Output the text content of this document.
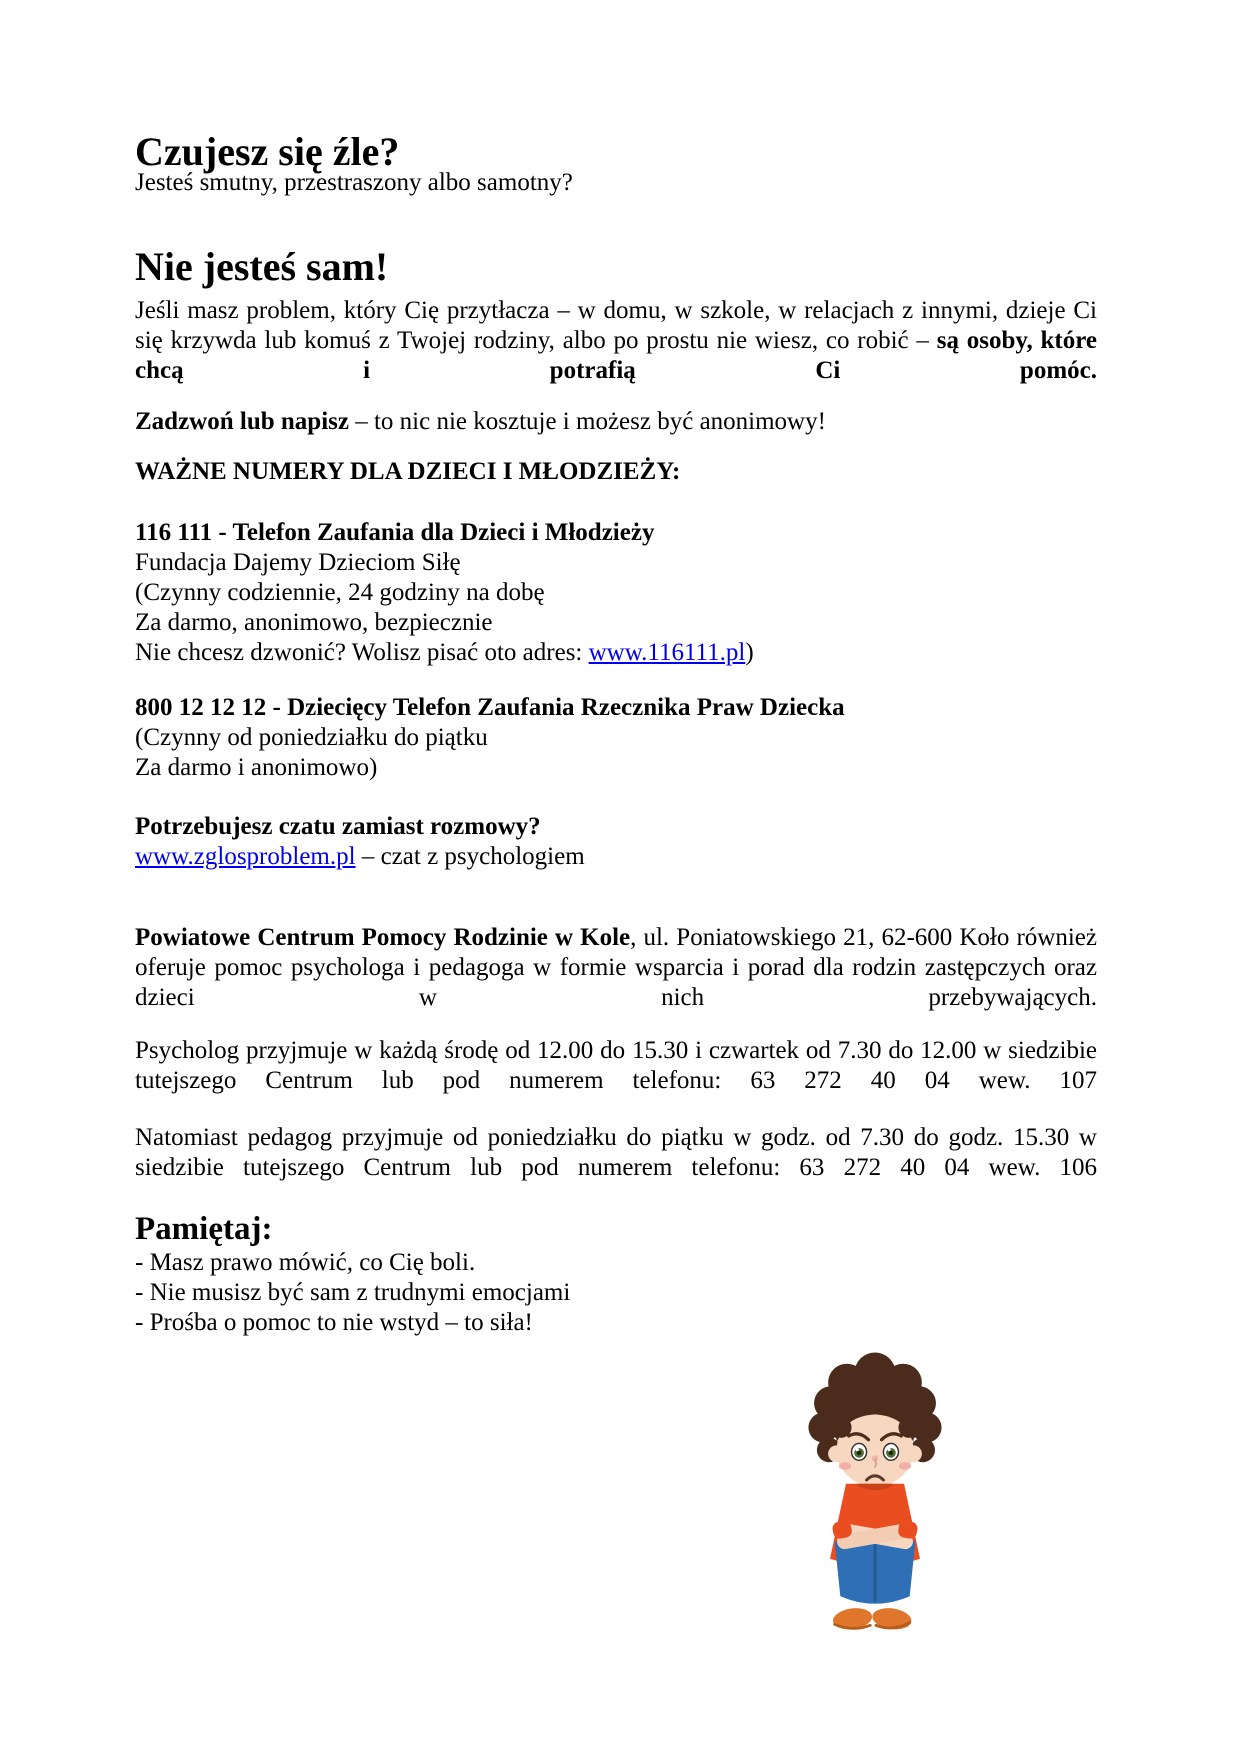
Czujesz się źle?
Jesteś smutny, przestraszony albo samotny?
Nie jesteś sam!
Jeśli masz problem, który Cię przytłacza – w domu, w szkole, w relacjach z innymi, dzieje Ci się krzywda lub komuś z Twojej rodziny, albo po prostu nie wiesz, co robić – są osoby, które chcą i potrafią Ci pomóc.
Zadzwoń lub napisz – to nic nie kosztuje i możesz być anonimowy!
WAŻNE NUMERY DLA DZIECI I MŁODZIEŻY:
116 111 - Telefon Zaufania dla Dzieci i Młodzieży
Fundacja Dajemy Dzieciom Siłę
(Czynny codziennie, 24 godziny na dobę
Za darmo, anonimowo, bezpiecznie
Nie chcesz dzwonić? Wolisz pisać oto adres: www.116111.pl)
800 12 12 12 - Dziecięcy Telefon Zaufania Rzecznika Praw Dziecka
(Czynny od poniedziałku do piątku
Za darmo i anonimowo)
Potrzebujesz czatu zamiast rozmowy?
www.zglosproblem.pl – czat z psychologiem
Powiatowe Centrum Pomocy Rodzinie w Kole, ul. Poniatowskiego 21, 62-600 Koło również oferuje pomoc psychologa i pedagoga w formie wsparcia i porad dla rodzin zastępczych oraz dzieci w nich przebywających.
Psycholog przyjmuje w każdą środę od 12.00 do 15.30 i czwartek od 7.30 do 12.00 w siedzibie tutejszego Centrum lub pod numerem telefonu: 63 272 40 04 wew. 107
Natomiast pedagog przyjmuje od poniedziałku do piątku w godz. od 7.30 do godz. 15.30 w siedzibie tutejszego Centrum lub pod numerem telefonu: 63 272 40 04 wew. 106
Pamiętaj:
- Masz prawo mówić, co Cię boli.
- Nie musisz być sam z trudnymi emocjami
- Prośba o pomoc to nie wstyd – to siła!
